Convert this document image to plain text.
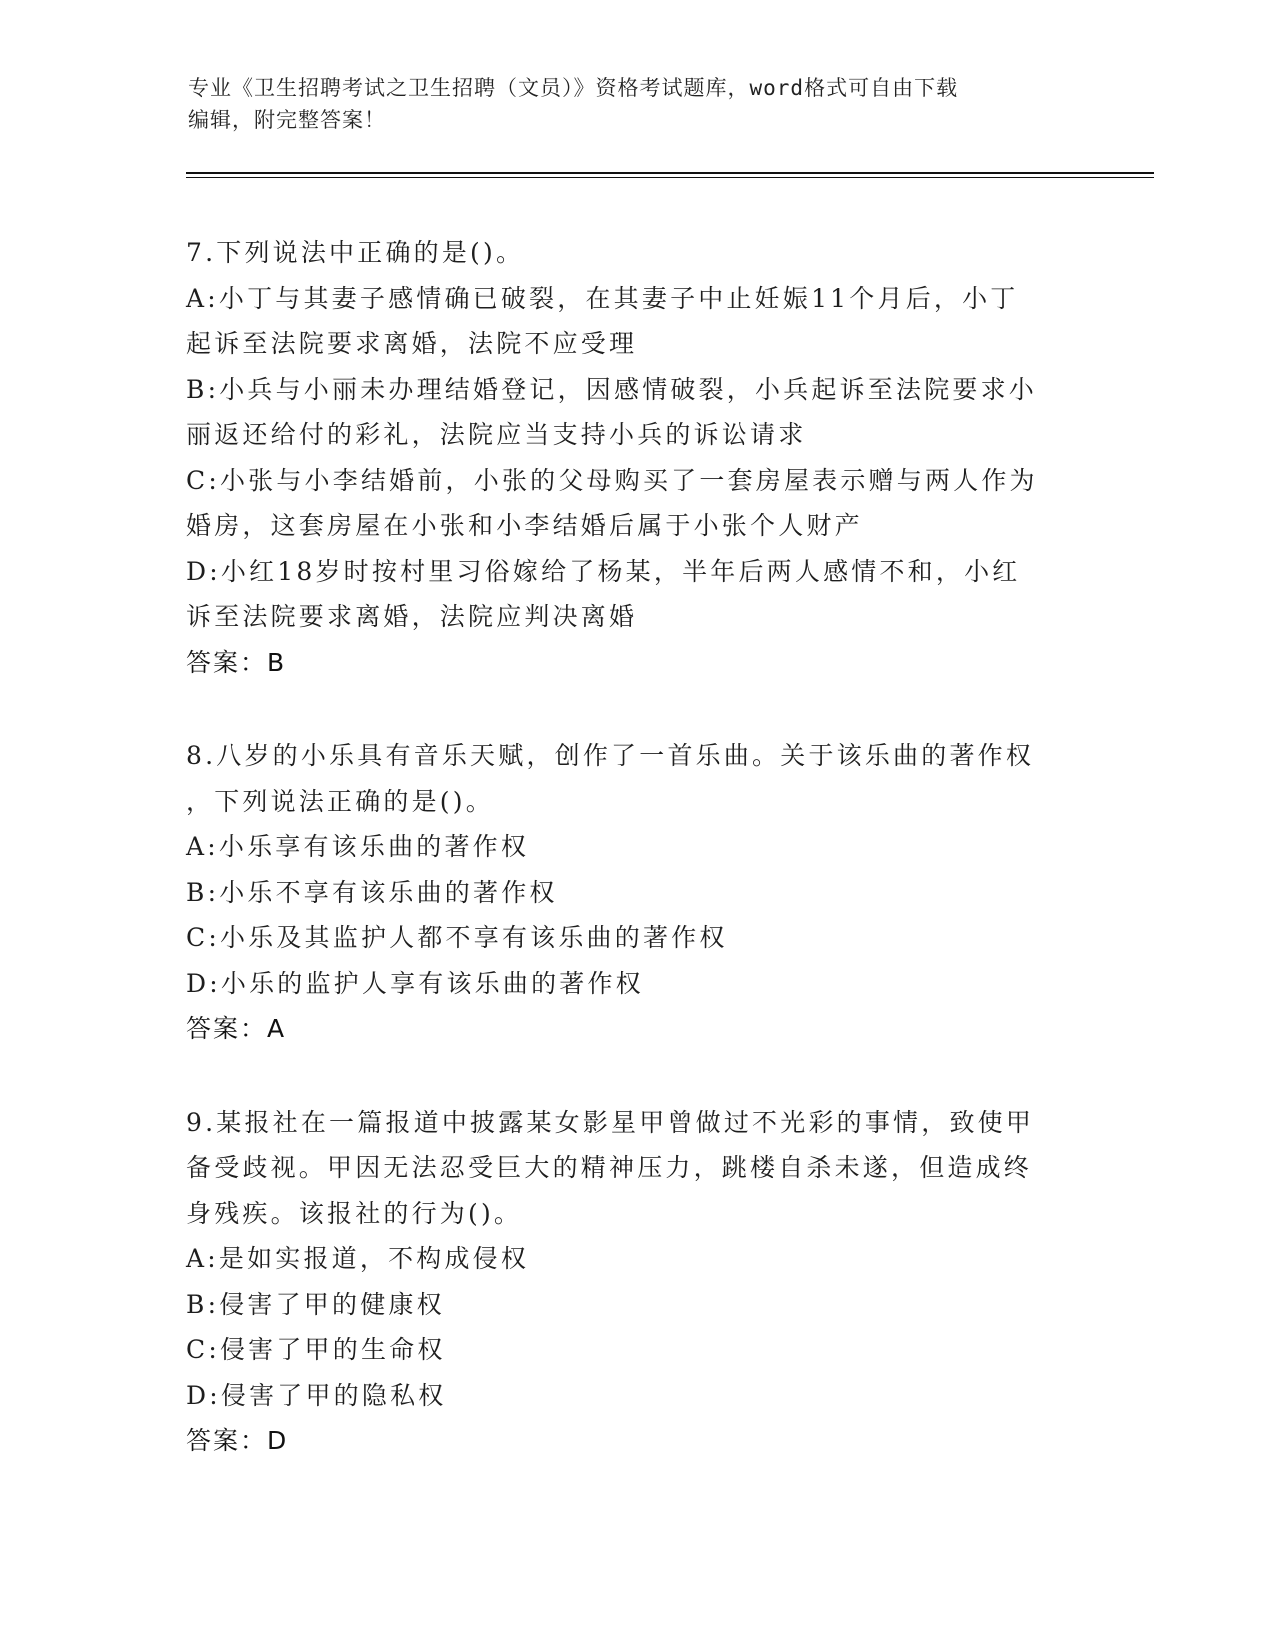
专业《卫生招聘考试之卫生招聘（文员）》资格考试题库，word格式可自由下载
编辑，附完整答案！
7.下列说法中正确的是()。
A:小丁与其妻子感情确已破裂，在其妻子中止妊娠11个月后，小丁
起诉至法院要求离婚，法院不应受理
B:小兵与小丽未办理结婚登记，因感情破裂，小兵起诉至法院要求小
丽返还给付的彩礼，法院应当支持小兵的诉讼请求
C:小张与小李结婚前，小张的父母购买了一套房屋表示赠与两人作为
婚房，这套房屋在小张和小李结婚后属于小张个人财产
D:小红18岁时按村里习俗嫁给了杨某，半年后两人感情不和，小红
诉至法院要求离婚，法院应判决离婚
答案：B
8.八岁的小乐具有音乐天赋，创作了一首乐曲。关于该乐曲的著作权
，下列说法正确的是()。
A:小乐享有该乐曲的著作权
B:小乐不享有该乐曲的著作权
C:小乐及其监护人都不享有该乐曲的著作权
D:小乐的监护人享有该乐曲的著作权
答案：A
9.某报社在一篇报道中披露某女影星甲曾做过不光彩的事情，致使甲
备受歧视。甲因无法忍受巨大的精神压力，跳楼自杀未遂，但造成终
身残疾。该报社的行为()。
A:是如实报道，不构成侵权
B:侵害了甲的健康权
C:侵害了甲的生命权
D:侵害了甲的隐私权
答案：D
